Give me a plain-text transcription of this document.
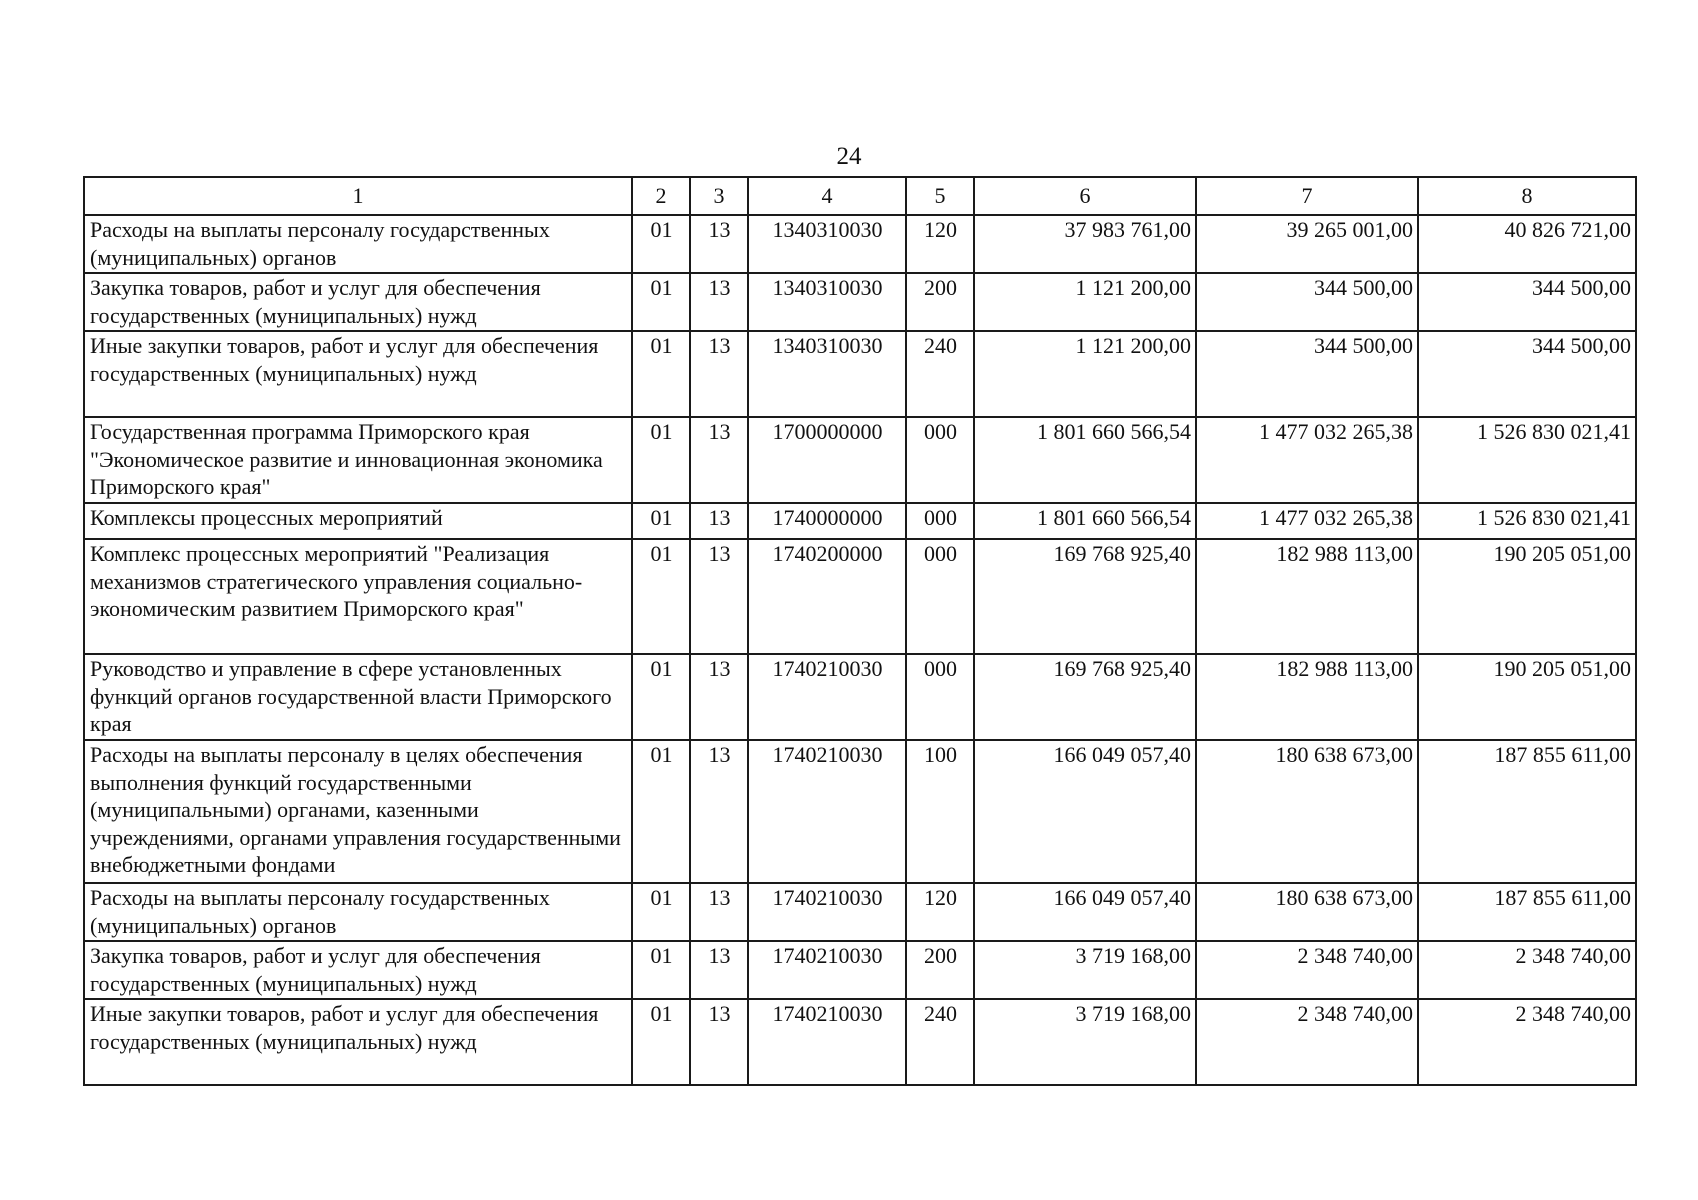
24
1	2	3	4	5	6	7	8
Расходы на выплаты персоналу государственных (муниципальных) органов	01	13	1340310030	120	37 983 761,00	39 265 001,00	40 826 721,00
Закупка товаров, работ и услуг для обеспечения государственных (муниципальных) нужд	01	13	1340310030	200	1 121 200,00	344 500,00	344 500,00
Иные закупки товаров, работ и услуг для обеспечения государственных (муниципальных) нужд	01	13	1340310030	240	1 121 200,00	344 500,00	344 500,00
Государственная программа Приморского края "Экономическое развитие и инновационная экономика Приморского края"	01	13	1700000000	000	1 801 660 566,54	1 477 032 265,38	1 526 830 021,41
Комплексы процессных мероприятий	01	13	1740000000	000	1 801 660 566,54	1 477 032 265,38	1 526 830 021,41
Комплекс процессных мероприятий "Реализация механизмов стратегического управления социально-экономическим развитием Приморского края"	01	13	1740200000	000	169 768 925,40	182 988 113,00	190 205 051,00
Руководство и управление в сфере установленных функций органов государственной власти Приморского края	01	13	1740210030	000	169 768 925,40	182 988 113,00	190 205 051,00
Расходы на выплаты персоналу в целях обеспечения выполнения функций государственными (муниципальными) органами, казенными учреждениями, органами управления государственными внебюджетными фондами	01	13	1740210030	100	166 049 057,40	180 638 673,00	187 855 611,00
Расходы на выплаты персоналу государственных (муниципальных) органов	01	13	1740210030	120	166 049 057,40	180 638 673,00	187 855 611,00
Закупка товаров, работ и услуг для обеспечения государственных (муниципальных) нужд	01	13	1740210030	200	3 719 168,00	2 348 740,00	2 348 740,00
Иные закупки товаров, работ и услуг для обеспечения государственных (муниципальных) нужд	01	13	1740210030	240	3 719 168,00	2 348 740,00	2 348 740,00
